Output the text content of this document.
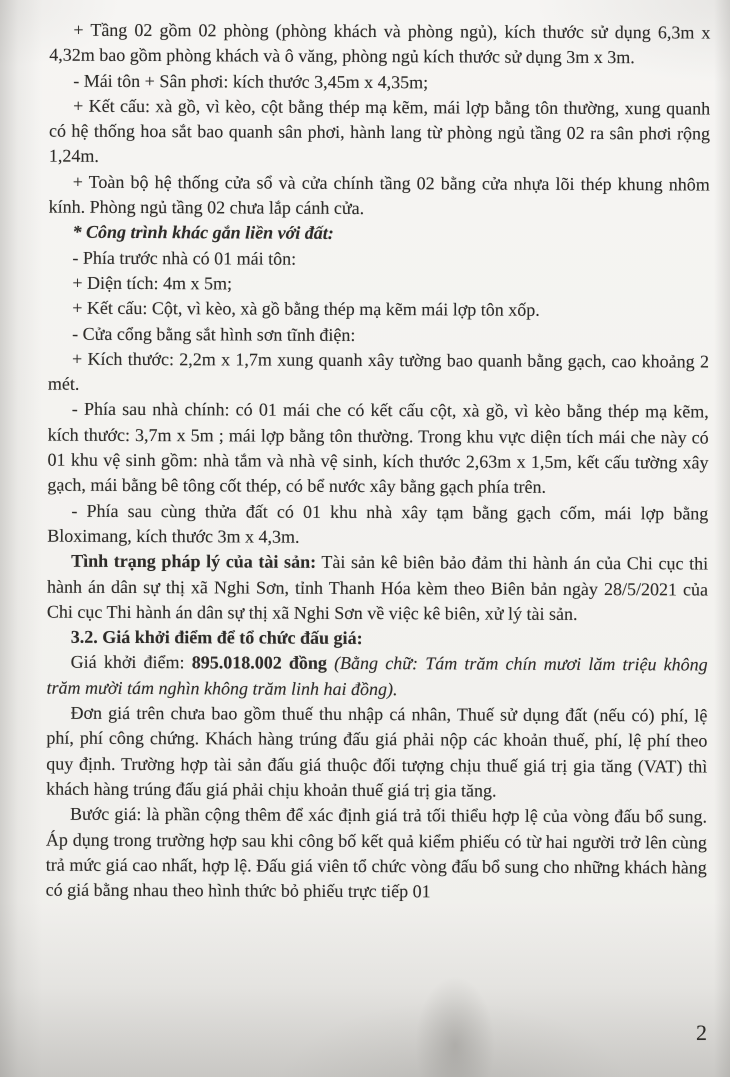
+ Tầng 02 gồm 02 phòng (phòng khách và phòng ngủ), kích thước sử dụng 6,3m x 4,32m bao gồm phòng khách và ô văng, phòng ngủ kích thước sử dụng 3m x 3m.

- Mái tôn + Sân phơi: kích thước 3,45m x 4,35m;

+ Kết cấu: xà gồ, vì kèo, cột bằng thép mạ kẽm, mái lợp bằng tôn thường, xung quanh có hệ thống hoa sắt bao quanh sân phơi, hành lang từ phòng ngủ tầng 02 ra sân phơi rộng 1,24m.

+ Toàn bộ hệ thống cửa sổ và cửa chính tầng 02 bằng cửa nhựa lõi thép khung nhôm kính. Phòng ngủ tầng 02 chưa lắp cánh cửa.

* Công trình khác gắn liền với đất:

- Phía trước nhà có 01 mái tôn:

+ Diện tích: 4m x 5m;

+ Kết cấu: Cột, vì kèo, xà gồ bằng thép mạ kẽm mái lợp tôn xốp.

- Cửa cổng bằng sắt hình sơn tĩnh điện:

+ Kích thước: 2,2m x 1,7m xung quanh xây tường bao quanh bằng gạch, cao khoảng 2 mét.

- Phía sau nhà chính: có 01 mái che có kết cấu cột, xà gồ, vì kèo bằng thép mạ kẽm, kích thước: 3,7m x 5m ; mái lợp bằng tôn thường. Trong khu vực diện tích mái che này có 01 khu vệ sinh gồm: nhà tắm và nhà vệ sinh, kích thước 2,63m x 1,5m, kết cấu tường xây gạch, mái bằng bê tông cốt thép, có bể nước xây bằng gạch phía trên.

- Phía sau cùng thửa đất có 01 khu nhà xây tạm bằng gạch cốm, mái lợp bằng Bloximang, kích thước 3m x 4,3m.

Tình trạng pháp lý của tài sản: Tài sản kê biên bảo đảm thi hành án của Chi cục thi hành án dân sự thị xã Nghi Sơn, tỉnh Thanh Hóa kèm theo Biên bản ngày 28/5/2021 của Chi cục Thi hành án dân sự thị xã Nghi Sơn về việc kê biên, xử lý tài sản.

3.2. Giá khởi điểm để tổ chức đấu giá:

Giá khởi điểm: 895.018.002 đồng (Bằng chữ: Tám trăm chín mươi lăm triệu không trăm mười tám nghìn không trăm linh hai đồng).

Đơn giá trên chưa bao gồm thuế thu nhập cá nhân, Thuế sử dụng đất (nếu có) phí, lệ phí, phí công chứng. Khách hàng trúng đấu giá phải nộp các khoản thuế, phí, lệ phí theo quy định. Trường hợp tài sản đấu giá thuộc đối tượng chịu thuế giá trị gia tăng (VAT) thì khách hàng trúng đấu giá phải chịu khoản thuế giá trị gia tăng.

Bước giá: là phần cộng thêm để xác định giá trả tối thiểu hợp lệ của vòng đấu bổ sung. Áp dụng trong trường hợp sau khi công bố kết quả kiểm phiếu có từ hai người trở lên cùng trả mức giá cao nhất, hợp lệ. Đấu giá viên tổ chức vòng đấu bổ sung cho những khách hàng có giá bằng nhau theo hình thức bỏ phiếu trực tiếp 01

2
